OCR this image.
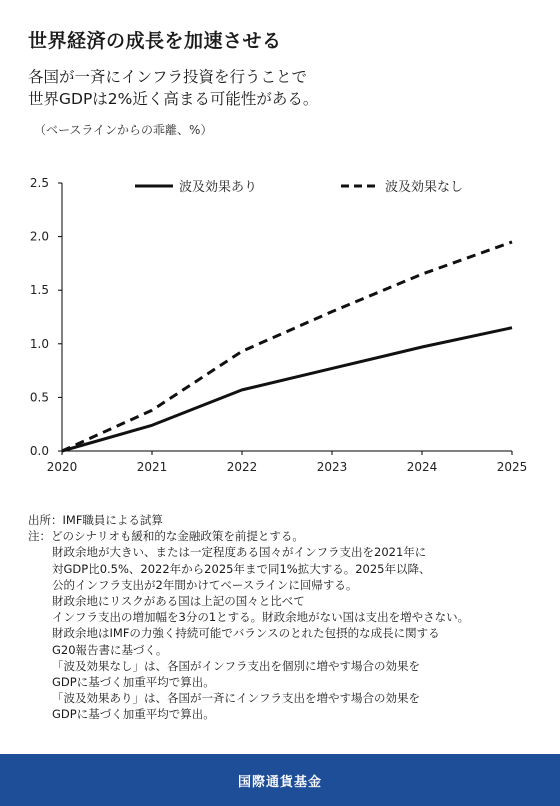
世界経済の成長を加速させる
各国が一斉にインフラ投資を行うことで
世界GDPは2%近く高まる可能性がある。
（ベースラインからの乖離、%）
0.0
0.5
1.0
1.5
2.0
2.5
2020	2021	2022	2023	2024	2025
波及効果あり	波及効果なし
出所：IMF職員による試算
注：どのシナリオも緩和的な金融政策を前提とする。
財政余地が大きい、または一定程度ある国々がインフラ支出を2021年に
対GDP比0.5%、2022年から2025年まで同1%拡大する。2025年以降、
公的インフラ支出が2年間かけてベースラインに回帰する。
財政余地にリスクがある国は上記の国々と比べて
インフラ支出の増加幅を3分の1とする。財政余地がない国は支出を増やさない。
財政余地はIMFの力強く持続可能でバランスのとれた包摂的な成長に関する
G20報告書に基づく。
「波及効果なし」は、各国がインフラ支出を個別に増やす場合の効果を
GDPに基づく加重平均で算出。
「波及効果あり」は、各国が一斉にインフラ支出を増やす場合の効果を
GDPに基づく加重平均で算出。
国際通貨基金
